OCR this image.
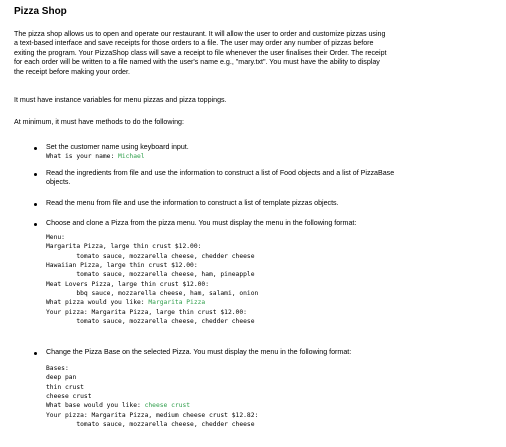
Pizza Shop
The pizza shop allows us to open and operate our restaurant. It will allow the user to order and customize pizzas using
a text-based interface and save receipts for those orders to a file. The user may order any number of pizzas before
exiting the program. Your PizzaShop class will save a receipt to file whenever the user finalises their Order. The receipt
for each order will be written to a file named with the user's name e.g., "mary.txt". You must have the ability to display
the receipt before making your order.
It must have instance variables for menu pizzas and pizza toppings.
At minimum, it must have methods to do the following:
Set the customer name using keyboard input.
What is your name: Michael
Read the ingredients from file and use the information to construct a list of Food objects and a list of PizzaBase
objects.
Read the menu from file and use the information to construct a list of template pizzas objects.
Choose and clone a Pizza from the pizza menu. You must display the menu in the following format:
Menu:
Margarita Pizza, large thin crust $12.00:
tomato sauce, mozzarella cheese, chedder cheese
Hawaiian Pizza, large thin crust $12.00:
tomato sauce, mozzarella cheese, ham, pineapple
Meat Lovers Pizza, large thin crust $12.00:
bbq sauce, mozzarella cheese, ham, salami, onion
What pizza would you like: Margarita Pizza
Your pizza: Margarita Pizza, large thin crust $12.00:
tomato sauce, mozzarella cheese, chedder cheese
Change the Pizza Base on the selected Pizza. You must display the menu in the following format:
Bases:
deep pan
thin crust
cheese crust
What base would you like: cheese crust
Your pizza: Margarita Pizza, medium cheese crust $12.82:
tomato sauce, mozzarella cheese, chedder cheese
